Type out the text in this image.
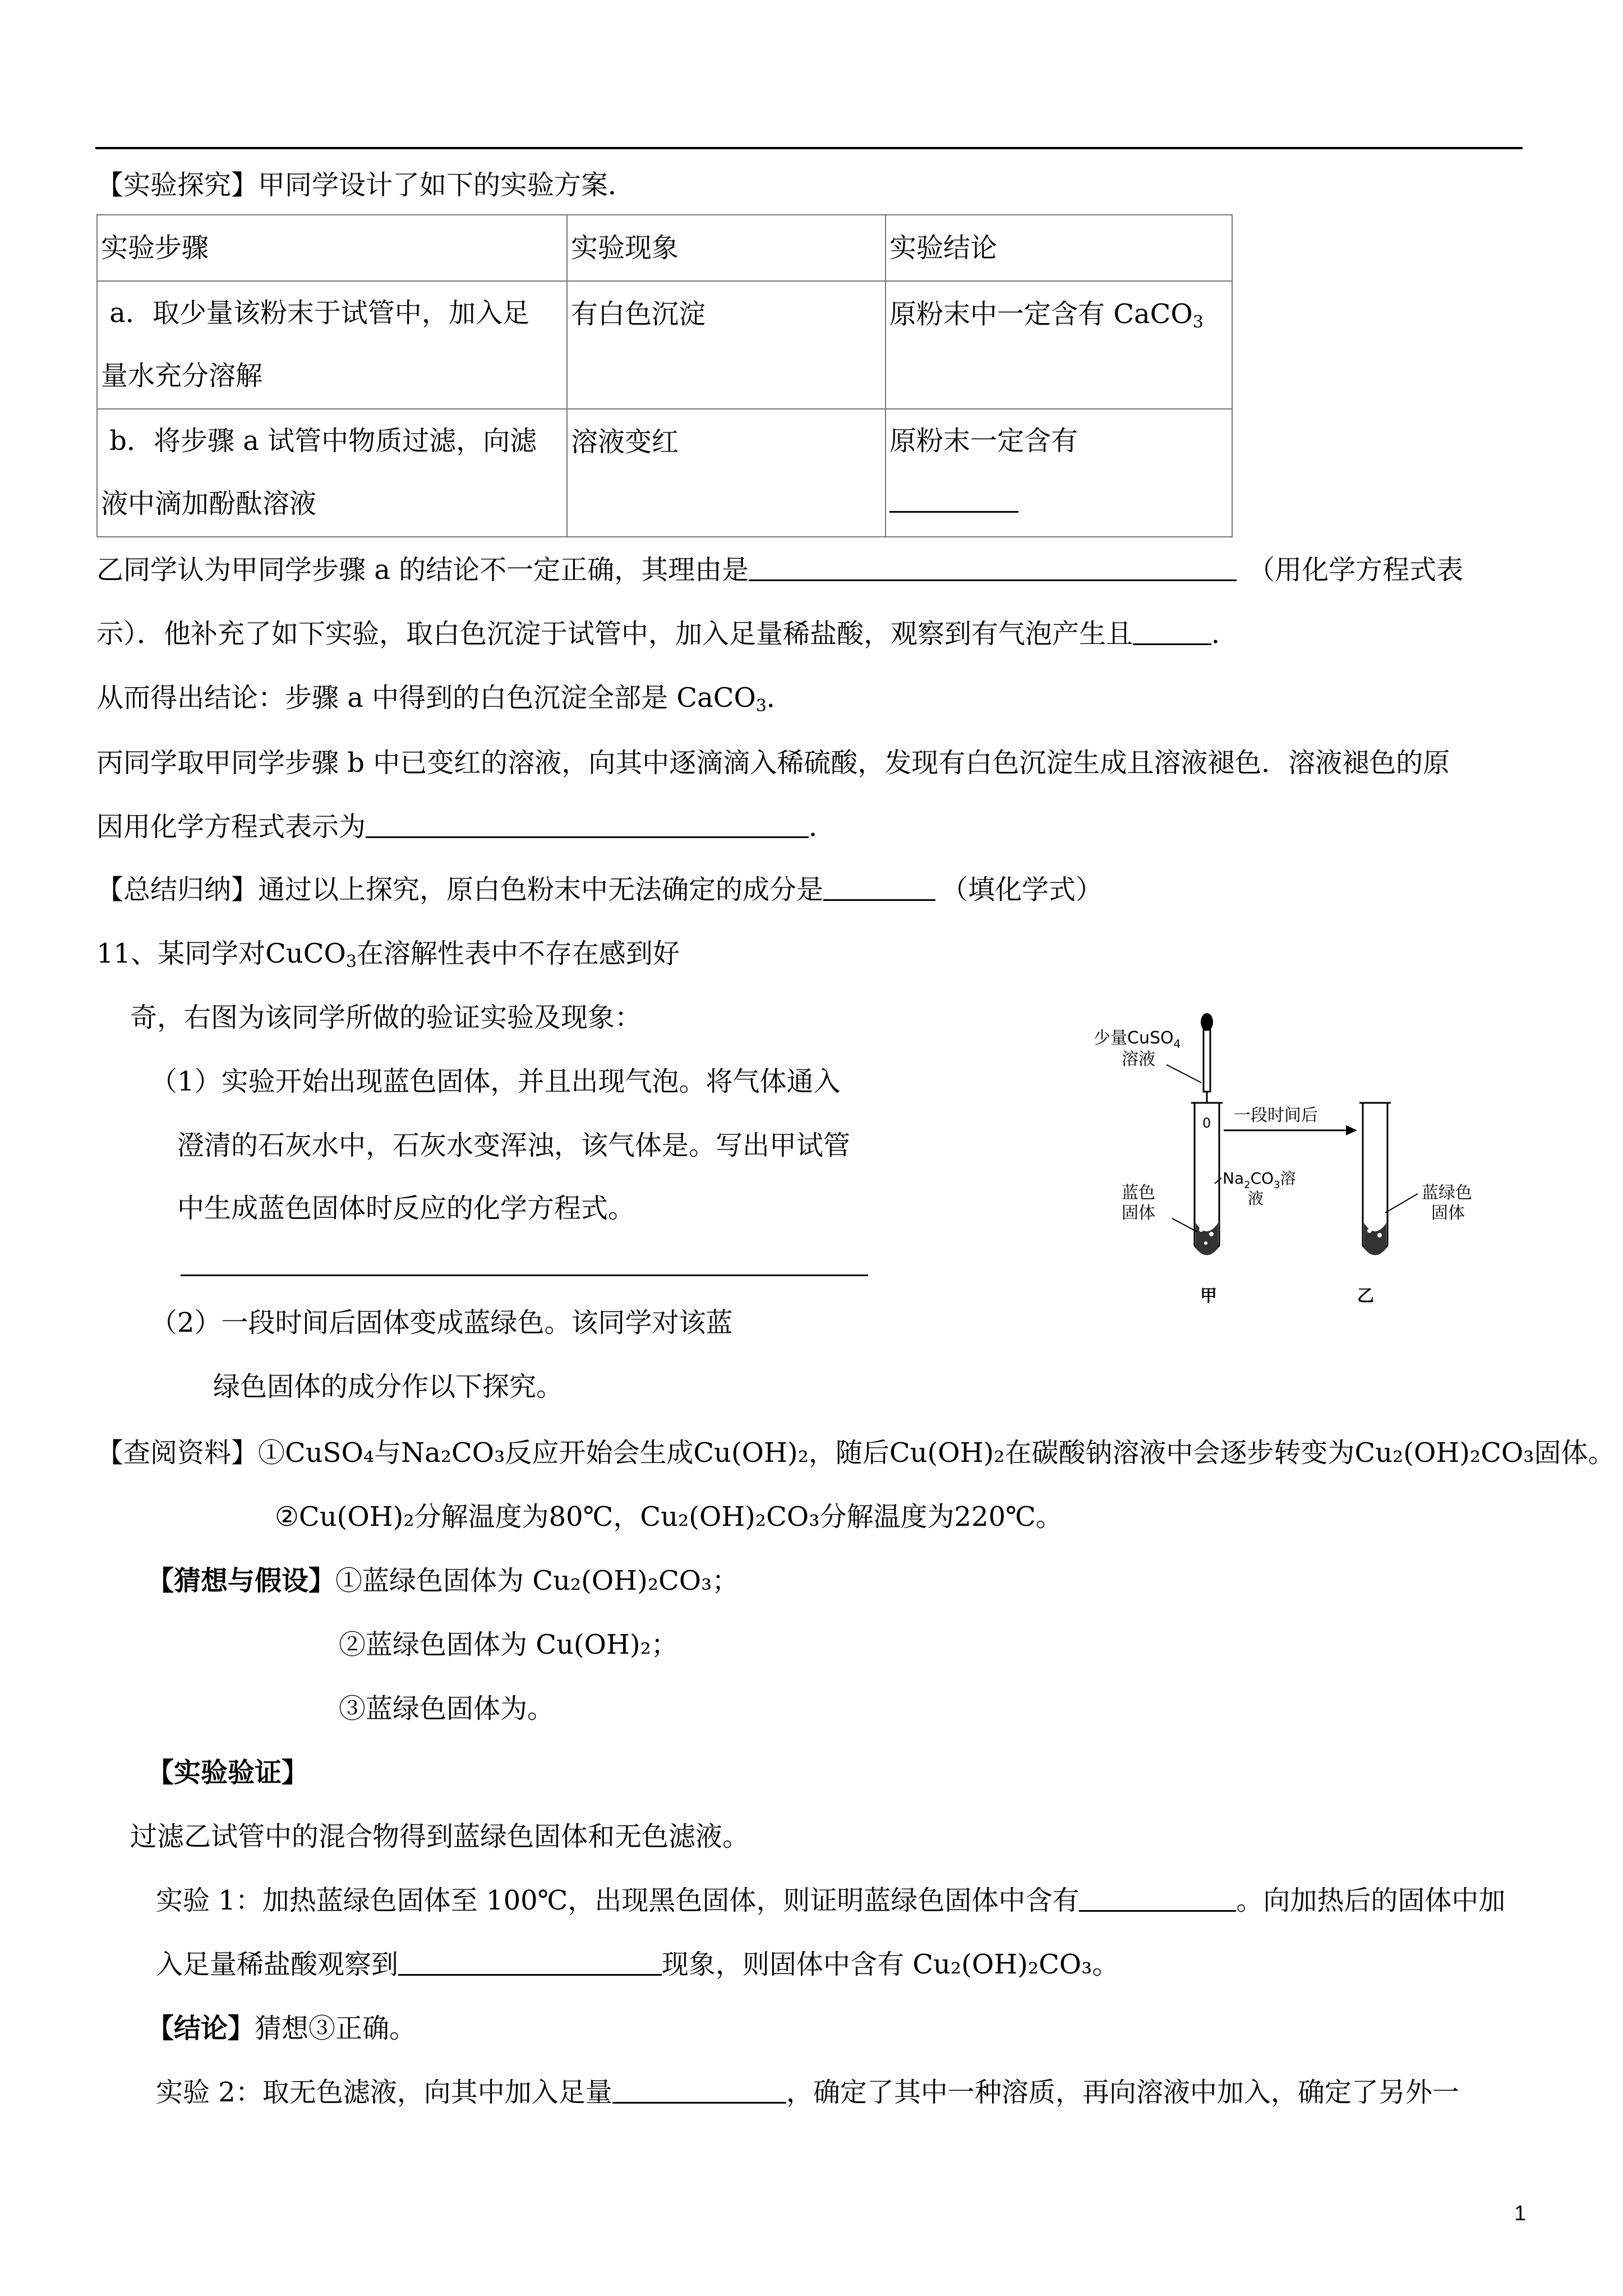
【实验探究】甲同学设计了如下的实验方案．
实验步骤	实验现象	实验结论

a．取少量该粉末于试管中，加入足
量水充分溶解	有白色沉淀	原粉末中一定含有 CaCO$_3$

b．将步骤 a 试管中物质过滤，向滤
液中滴加酚酞溶液	溶液变红	原粉末一定含有
乙同学认为甲同学步骤 a 的结论不一定正确，其理由是	（用化学方程式表
示）．他补充了如下实验，取白色沉淀于试管中，加入足量稀盐酸，观察到有气泡产生且	．
从而得出结论：步骤 a 中得到的白色沉淀全部是 CaCO$_3$．
丙同学取甲同学步骤 b 中已变红的溶液，向其中逐滴滴入稀硫酸，发现有白色沉淀生成且溶液褪色．溶液褪色的原
因用化学方程式表示为	．
【总结归纳】通过以上探究，原白色粉末中无法确定的成分是	（填化学式）
11、某同学对CuCO$_3$在溶解性表中不存在感到好
奇，右图为该同学所做的验证实验及现象：
（1）实验开始出现蓝色固体，并且出现气泡。将气体通入
澄清的石灰水中，石灰水变浑浊，该气体是。写出甲试管
中生成蓝色固体时反应的化学方程式。
（2）一段时间后固体变成蓝绿色。该同学对该蓝
绿色固体的成分作以下探究。
少量CuSO$_4$
溶液
一段时间后
$Na_2CO_3$溶
液
蓝色
固体
蓝绿色
固体
甲	乙
0
【查阅资料】①CuSO₄与Na₂CO₃反应开始会生成Cu(OH)₂，随后Cu(OH)₂在碳酸钠溶液中会逐步转变为Cu₂(OH)₂CO₃固体。
②Cu(OH)₂分解温度为80℃，Cu₂(OH)₂CO₃分解温度为220℃。
【猜想与假设】①蓝绿色固体为 Cu₂(OH)₂CO₃；
②蓝绿色固体为 Cu(OH)₂；
③蓝绿色固体为。
【实验验证】
过滤乙试管中的混合物得到蓝绿色固体和无色滤液。
实验 1：加热蓝绿色固体至 100℃，出现黑色固体，则证明蓝绿色固体中含有	。向加热后的固体中加
入足量稀盐酸观察到	现象，则固体中含有 Cu₂(OH)₂CO₃。
【结论】猜想③正确。
实验 2：取无色滤液，向其中加入足量	，确定了其中一种溶质，再向溶液中加入，确定了另外一
1
